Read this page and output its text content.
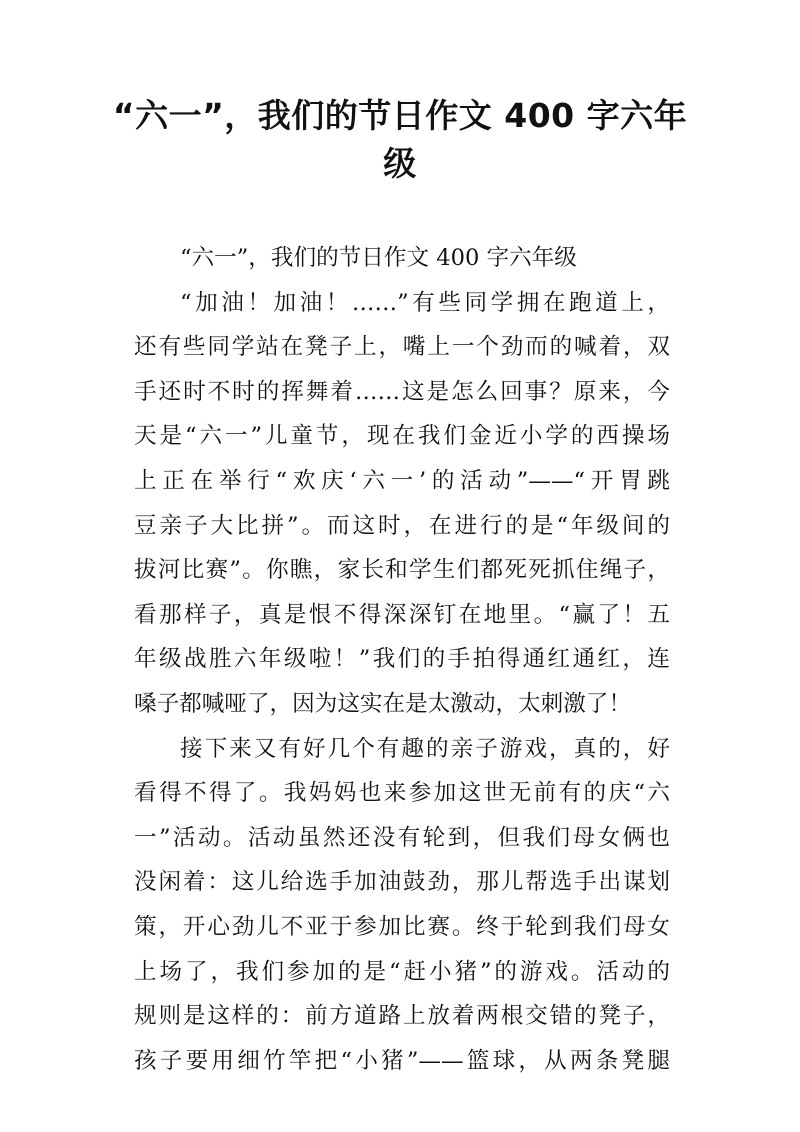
“六一”，我们的节日作文 400 字六年
级

“六一”，我们的节日作文 400 字六年级

“加油！加油！……”有些同学拥在跑道上，
还有些同学站在凳子上，嘴上一个劲而的喊着，双
手还时不时的挥舞着……这是怎么回事？原来，今
天是“六一”儿童节，现在我们金近小学的西操场
上正在举行“欢庆‘六一’的活动”——“开胃跳
豆亲子大比拼”。而这时，在进行的是“年级间的
拔河比赛”。你瞧，家长和学生们都死死抓住绳子，
看那样子，真是恨不得深深钉在地里。“赢了！五
年级战胜六年级啦！”我们的手拍得通红通红，连
嗓子都喊哑了，因为这实在是太激动，太刺激了！

接下来又有好几个有趣的亲子游戏，真的，好
看得不得了。我妈妈也来参加这世无前有的庆“六
一”活动。活动虽然还没有轮到，但我们母女俩也
没闲着：这儿给选手加油鼓劲，那儿帮选手出谋划
策，开心劲儿不亚于参加比赛。终于轮到我们母女
上场了，我们参加的是“赶小猪”的游戏。活动的
规则是这样的：前方道路上放着两根交错的凳子，
孩子要用细竹竿把“小猪”——篮球，从两条凳腿
